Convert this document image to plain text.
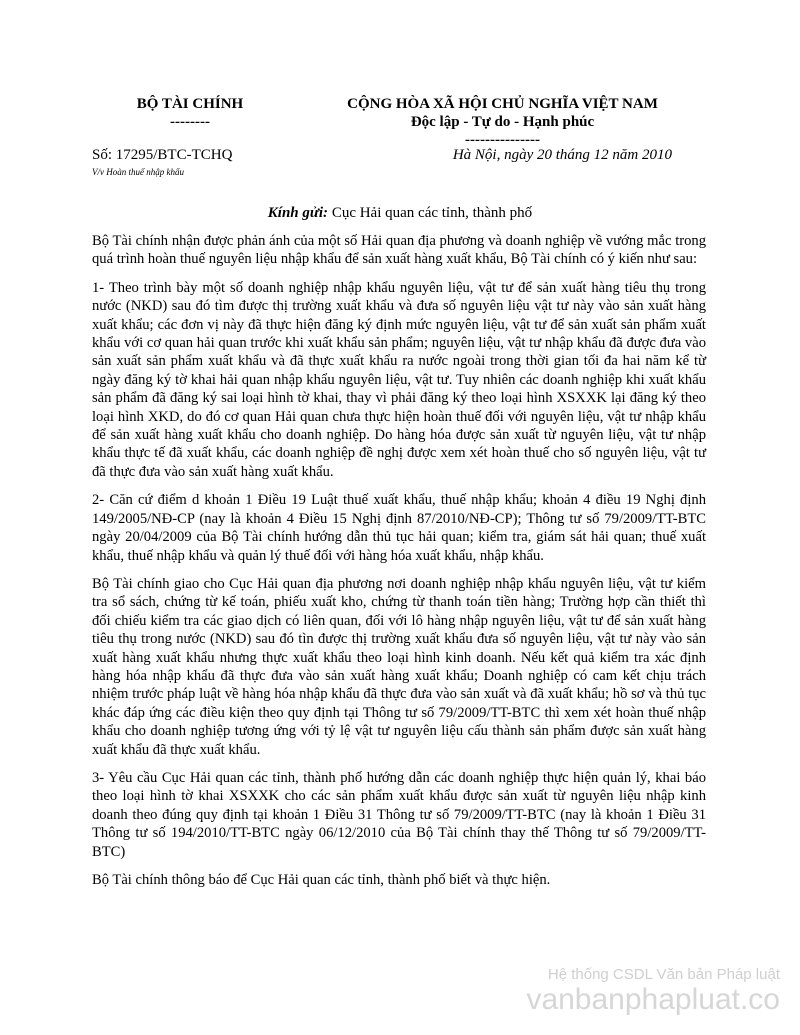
BỘ TÀI CHÍNH
--------
CỘNG HÒA XÃ HỘI CHỦ NGHĨA VIỆT NAM
Độc lập - Tự do - Hạnh phúc
---------------
Số: 17295/BTC-TCHQ
V/v Hoàn thuế nhập khẩu
Hà Nội, ngày 20 tháng 12 năm 2010
Kính gửi: Cục Hải quan các tỉnh, thành phố

Bộ Tài chính nhận được phản ánh của một số Hải quan địa phương và doanh nghiệp về vướng mắc trong quá trình hoàn thuế nguyên liệu nhập khẩu để sản xuất hàng xuất khẩu, Bộ Tài chính có ý kiến như sau:

1- Theo trình bày một số doanh nghiệp nhập khẩu nguyên liệu, vật tư để sản xuất hàng tiêu thụ trong nước (NKD) sau đó tìm được thị trường xuất khẩu và đưa số nguyên liệu vật tư này vào sản xuất hàng xuất khẩu; các đơn vị này đã thực hiện đăng ký định mức nguyên liệu, vật tư để sản xuất sản phẩm xuất khẩu với cơ quan hải quan trước khi xuất khẩu sản phẩm; nguyên liệu, vật tư nhập khẩu đã được đưa vào sản xuất sản phẩm xuất khẩu và đã thực xuất khẩu ra nước ngoài trong thời gian tối đa hai năm kể từ ngày đăng ký tờ khai hải quan nhập khẩu nguyên liệu, vật tư. Tuy nhiên các doanh nghiệp khi xuất khẩu sản phẩm đã đăng ký sai loại hình tờ khai, thay vì phải đăng ký theo loại hình XSXXK lại đăng ký theo loại hình XKD, do đó cơ quan Hải quan chưa thực hiện hoàn thuế đối với nguyên liệu, vật tư nhập khẩu để sản xuất hàng xuất khẩu cho doanh nghiệp. Do hàng hóa được sản xuất từ nguyên liệu, vật tư nhập khẩu thực tế đã xuất khẩu, các doanh nghiệp đề nghị được xem xét hoàn thuế cho số nguyên liệu, vật tư đã thực đưa vào sản xuất hàng xuất khẩu.

2- Căn cứ điểm d khoản 1 Điều 19 Luật thuế xuất khẩu, thuế nhập khẩu; khoản 4 điều 19 Nghị định 149/2005/NĐ-CP (nay là khoản 4 Điều 15 Nghị định 87/2010/NĐ-CP); Thông tư số 79/2009/TT-BTC ngày 20/04/2009 của Bộ Tài chính hướng dẫn thủ tục hải quan; kiểm tra, giám sát hải quan; thuế xuất khẩu, thuế nhập khẩu và quản lý thuế đối với hàng hóa xuất khẩu, nhập khẩu.

Bộ Tài chính giao cho Cục Hải quan địa phương nơi doanh nghiệp nhập khẩu nguyên liệu, vật tư kiểm tra sổ sách, chứng từ kế toán, phiếu xuất kho, chứng từ thanh toán tiền hàng; Trường hợp cần thiết thì đối chiếu kiểm tra các giao dịch có liên quan, đối với lô hàng nhập nguyên liệu, vật tư để sản xuất hàng tiêu thụ trong nước (NKD) sau đó tìn được thị trường xuất khẩu đưa số nguyên liệu, vật tư này vào sản xuất hàng xuất khẩu nhưng thực xuất khẩu theo loại hình kinh doanh. Nếu kết quả kiểm tra xác định hàng hóa nhập khẩu đã thực đưa vào sản xuất hàng xuất khẩu; Doanh nghiệp có cam kết chịu trách nhiệm trước pháp luật về hàng hóa nhập khẩu đã thực đưa vào sản xuất và đã xuất khẩu; hồ sơ và thủ tục khác đáp ứng các điều kiện theo quy định tại Thông tư số 79/2009/TT-BTC thì xem xét hoàn thuế nhập khẩu cho doanh nghiệp tương ứng với tỷ lệ vật tư nguyên liệu cấu thành sản phẩm được sản xuất hàng xuất khẩu đã thực xuất khẩu.

3- Yêu cầu Cục Hải quan các tỉnh, thành phố hướng dẫn các doanh nghiệp thực hiện quản lý, khai báo theo loại hình tờ khai XSXXK cho các sản phẩm xuất khẩu được sản xuất từ nguyên liệu nhập kinh doanh theo đúng quy định tại khoản 1 Điều 31 Thông tư số 79/2009/TT-BTC (nay là khoản 1 Điều 31 Thông tư số 194/2010/TT-BTC ngày 06/12/2010 của Bộ Tài chính thay thế Thông tư số 79/2009/TT-BTC)

Bộ Tài chính thông báo để Cục Hải quan các tỉnh, thành phố biết và thực hiện.

Hệ thống CSDL Văn bản Pháp luật
vanbanphapluat.co
